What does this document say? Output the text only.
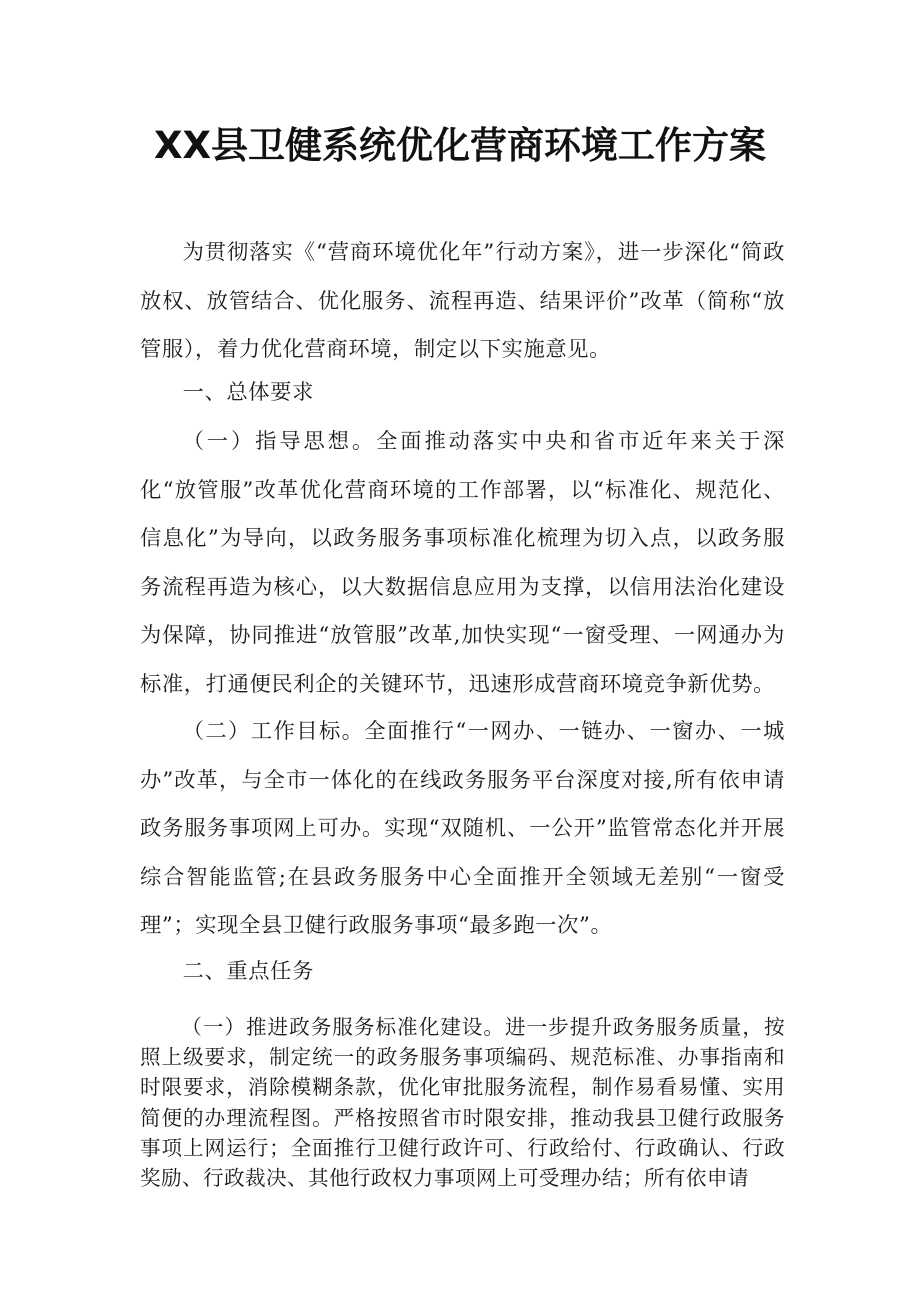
XX县卫健系统优化营商环境工作方案

为贯彻落实《“营商环境优化年”行动方案》，进一步深化“简政放权、放管结合、优化服务、流程再造、结果评价”改革（简称“放管服），着力优化营商环境，制定以下实施意见。

一、总体要求

（一）指导思想。全面推动落实中央和省市近年来关于深化“放管服”改革优化营商环境的工作部署，以“标准化、规范化、信息化”为导向，以政务服务事项标准化梳理为切入点，以政务服务流程再造为核心，以大数据信息应用为支撑，以信用法治化建设为保障，协同推进“放管服”改革,加快实现“一窗受理、一网通办为标准，打通便民利企的关键环节，迅速形成营商环境竞争新优势。

（二）工作目标。全面推行“一网办、一链办、一窗办、一城办”改革，与全市一体化的在线政务服务平台深度对接,所有依申请政务服务事项网上可办。实现“双随机、一公开”监管常态化并开展综合智能监管;在县政务服务中心全面推开全领域无差别“一窗受理”；实现全县卫健行政服务事项“最多跑一次”。

二、重点任务

（一）推进政务服务标准化建设。进一步提升政务服务质量，按照上级要求，制定统一的政务服务事项编码、规范标准、办事指南和时限要求，消除模糊条款，优化审批服务流程，制作易看易懂、实用简便的办理流程图。严格按照省市时限安排，推动我县卫健行政服务事项上网运行；全面推行卫健行政许可、行政给付、行政确认、行政奖励、行政裁决、其他行政权力事项网上可受理办结；所有依申请
